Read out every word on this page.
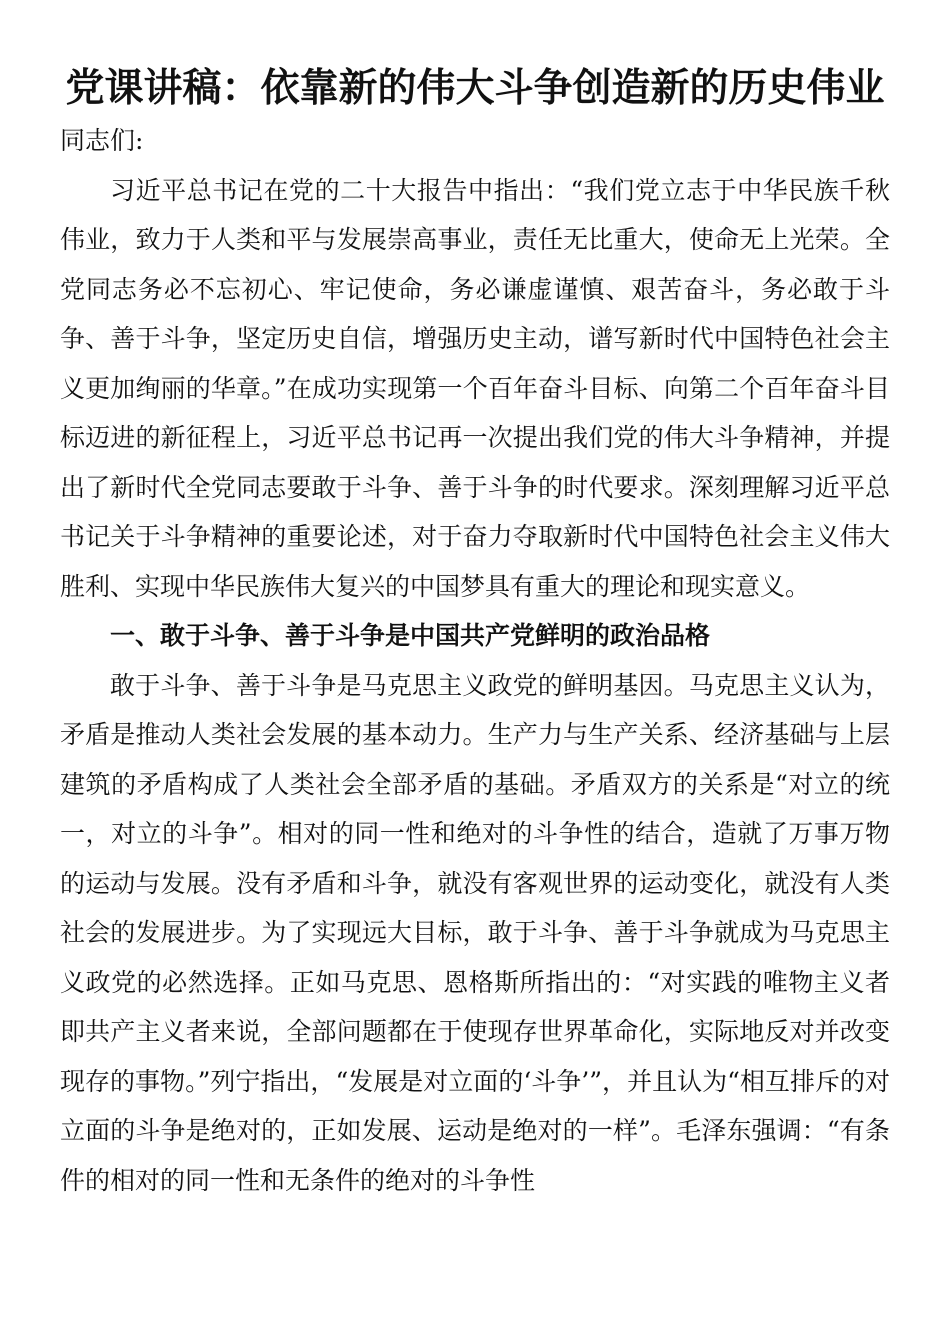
党课讲稿：依靠新的伟大斗争创造新的历史伟业

同志们:

习近平总书记在党的二十大报告中指出：“我们党立志于中华民族千秋伟业，致力于人类和平与发展崇高事业，责任无比重大，使命无上光荣。全党同志务必不忘初心、牢记使命，务必谦虚谨慎、艰苦奋斗，务必敢于斗争、善于斗争，坚定历史自信，增强历史主动，谱写新时代中国特色社会主义更加绚丽的华章。”在成功实现第一个百年奋斗目标、向第二个百年奋斗目标迈进的新征程上，习近平总书记再一次提出我们党的伟大斗争精神，并提出了新时代全党同志要敢于斗争、善于斗争的时代要求。深刻理解习近平总书记关于斗争精神的重要论述，对于奋力夺取新时代中国特色社会主义伟大胜利、实现中华民族伟大复兴的中国梦具有重大的理论和现实意义。

一、敢于斗争、善于斗争是中国共产党鲜明的政治品格

敢于斗争、善于斗争是马克思主义政党的鲜明基因。马克思主义认为，矛盾是推动人类社会发展的基本动力。生产力与生产关系、经济基础与上层建筑的矛盾构成了人类社会全部矛盾的基础。矛盾双方的关系是“对立的统一，对立的斗争”。相对的同一性和绝对的斗争性的结合，造就了万事万物的运动与发展。没有矛盾和斗争，就没有客观世界的运动变化，就没有人类社会的发展进步。为了实现远大目标，敢于斗争、善于斗争就成为马克思主义政党的必然选择。正如马克思、恩格斯所指出的：“对实践的唯物主义者即共产主义者来说，全部问题都在于使现存世界革命化，实际地反对并改变现存的事物。”列宁指出，“发展是对立面的‘斗争’”，并且认为“相互排斥的对立面的斗争是绝对的，正如发展、运动是绝对的一样”。毛泽东强调：“有条件的相对的同一性和无条件的绝对的斗争性
